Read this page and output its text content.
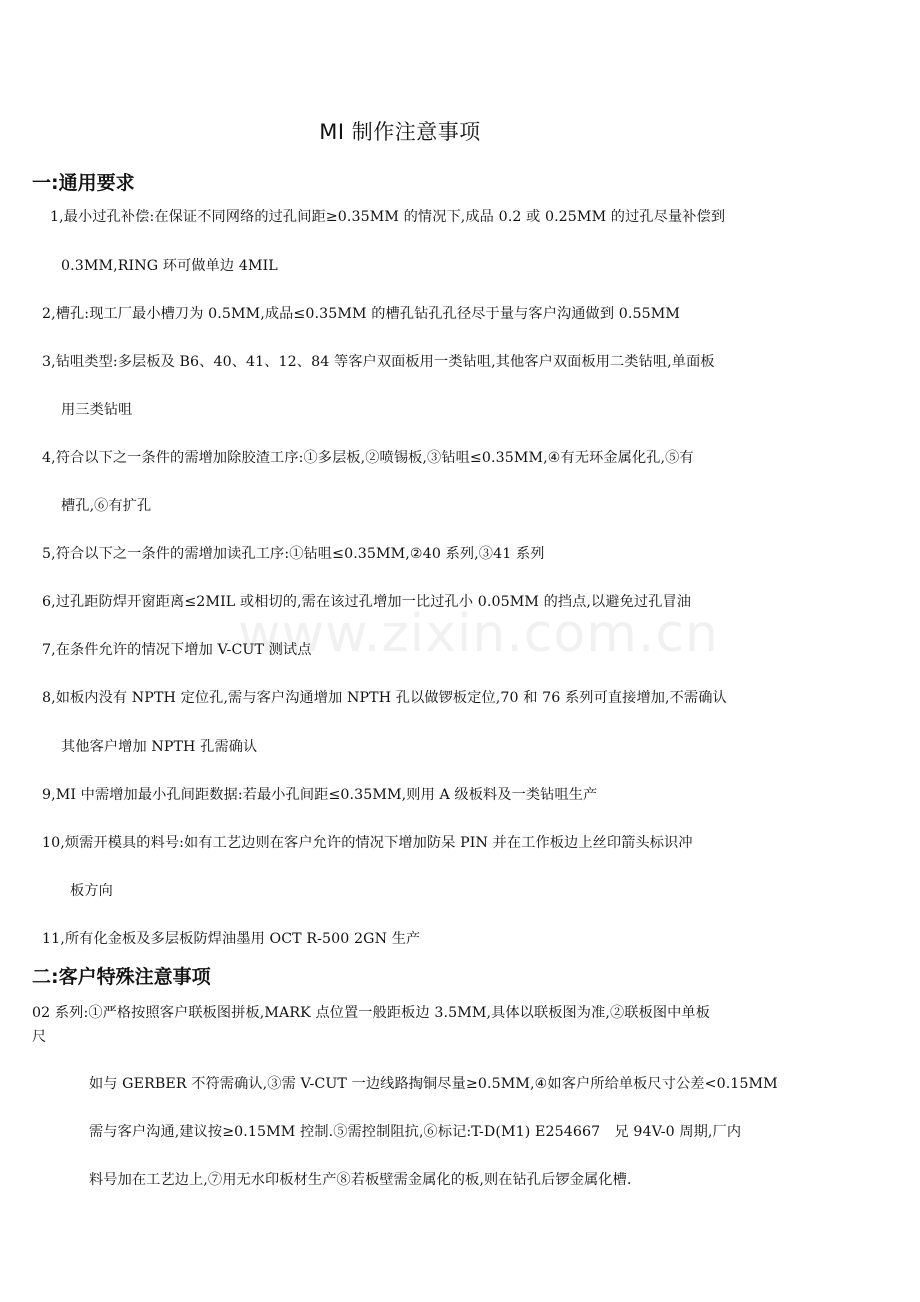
www.zixin.com.cn
MI 制作注意事项
一:通用要求
1,最小过孔补偿:在保证不同网络的过孔间距≥0.35MM 的情况下,成品 0.2 或 0.25MM 的过孔尽量补偿到
0.3MM,RING 环可做单边 4MIL
2,槽孔:现工厂最小槽刀为 0.5MM,成品≤0.35MM 的槽孔钻孔孔径尽于量与客户沟通做到 0.55MM
3,钻咀类型:多层板及 B6、40、41、12、84 等客户双面板用一类钻咀,其他客户双面板用二类钻咀,单面板
用三类钻咀
4,符合以下之一条件的需增加除胶渣工序:①多层板,②喷锡板,③钻咀≤0.35MM,④有无环金属化孔,⑤有
槽孔,⑥有扩孔
5,符合以下之一条件的需增加读孔工序:①钻咀≤0.35MM,②40 系列,③41 系列
6,过孔距防焊开窗距离≤2MIL 或相切的,需在该过孔增加一比过孔小 0.05MM 的挡点,以避免过孔冒油
7,在条件允许的情况下增加 V-CUT 测试点
8,如板内没有 NPTH 定位孔,需与客户沟通增加 NPTH 孔以做锣板定位,70 和 76 系列可直接增加,不需确认
其他客户增加 NPTH 孔需确认
9,MI 中需增加最小孔间距数据:若最小孔间距≤0.35MM,则用 A 级板料及一类钻咀生产
10,烦需开模具的料号:如有工艺边则在客户允许的情况下增加防呆 PIN 并在工作板边上丝印箭头标识冲
板方向
11,所有化金板及多层板防焊油墨用 OCT R-500 2GN 生产
二:客户特殊注意事项
02 系列:①严格按照客户联板图拼板,MARK 点位置一般距板边 3.5MM,具体以联板图为准,②联板图中单板
尺
如与 GERBER 不符需确认,③需 V-CUT 一边线路掏铜尽量≥0.5MM,④如客户所给单板尺寸公差<0.15MM
需与客户沟通,建议按≥0.15MM 控制.⑤需控制阻抗,⑥标记:T-D(M1) E254667　兄 94V-0 周期,厂内
料号加在工艺边上,⑦用无水印板材生产⑧若板壁需金属化的板,则在钻孔后锣金属化槽.
